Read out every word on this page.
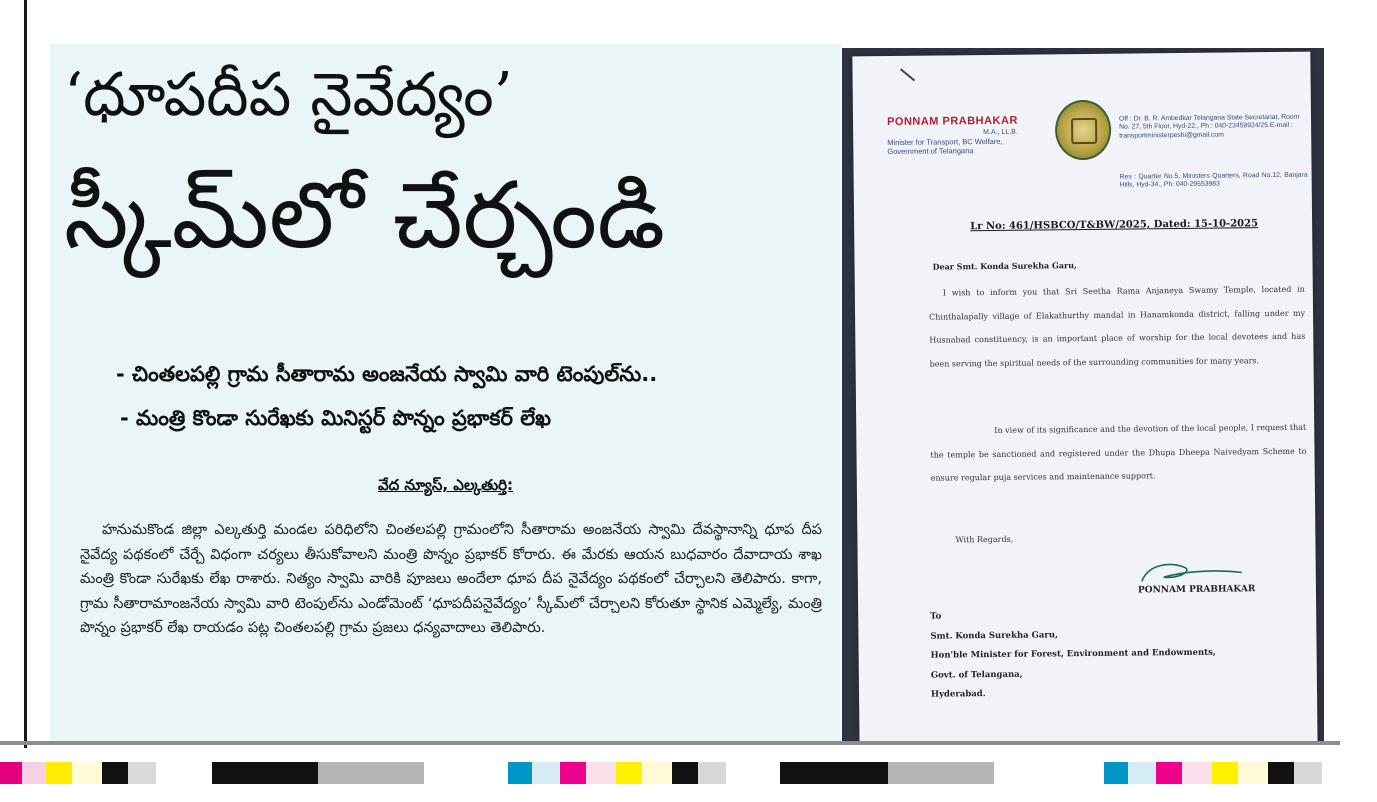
‘ధూపదీప నైవేద్యం’
స్కీమ్‌లో చేర్చండి
- చింతలపల్లి గ్రామ సీతారామ అంజనేయ స్వామి వారి టెంపుల్‌ను..
- మంత్రి కొండా సురేఖకు మినిస్టర్ పొన్నం ప్రభాకర్ లేఖ
వేద న్యూస్, ఎల్కతుర్తి:

హనుమకొండ జిల్లా ఎల్కతుర్తి మండల పరిధిలోని చింతలపల్లి గ్రామంలోని సీతారామ అంజనేయ స్వామి దేవస్థానాన్ని ధూప దీప నైవేద్య పథకంలో చేర్చే విధంగా చర్యలు తీసుకోవాలని మంత్రి పొన్నం ప్రభాకర్ కోరారు. ఈ మేరకు ఆయన బుధవారం దేవాదాయ శాఖ మంత్రి కొండా సురేఖకు లేఖ రాశారు. నిత్యం స్వామి వారికి పూజలు అందేలా ధూప దీప నైవేద్యం పథకంలో చేర్చాలని తెలిపారు. కాగా, గ్రామ సీతారామాంజనేయ స్వామి వారి టెంపుల్‌ను ఎండోమెంట్ ‘ధూపదీపనైవేద్యం’ స్కీమ్‌లో చేర్చాలని కోరుతూ స్థానిక ఎమ్మెల్యే, మంత్రి పొన్నం ప్రభాకర్ లేఖ రాయడం పట్ల చింతలపల్లి గ్రామ ప్రజలు ధన్యవాదాలు తెలిపారు.

PONNAM PRABHAKAR
M.A., LL.B.
Minister for Transport, BC Welfare,
Government of Telangana
Off : Dr. B. R. Ambedkar Telangana State Secretariat, Room No. 27, 5th Floor, Hyd-22., Ph : 040-23459924/25 E-mail : transportministerpeshi@gmail.com
Res : Quarter No.5, Ministers Quarters, Road No.12, Banjara Hills, Hyd-34., Ph: 040-29553983
Lr No: 461/HSBCO/T&BW/2025, Dated: 15-10-2025
Dear Smt. Konda Surekha Garu,

I wish to inform you that Sri Seetha Rama Anjaneya Swamy Temple, located in Chinthalapally village of Elakathurthy mandal in Hanamkonda district, falling under my Husnabad constituency, is an important place of worship for the local devotees and has been serving the spiritual needs of the surrounding communities for many years.

In view of its significance and the devotion of the local people, I request that the temple be sanctioned and registered under the Dhupa Dheepa Naivedyam Scheme to ensure regular puja services and maintenance support.

With Regards,
PONNAM PRABHAKAR
To
Smt. Konda Surekha Garu,
Hon'ble Minister for Forest, Environment and Endowments,
Govt. of Telangana,
Hyderabad.
